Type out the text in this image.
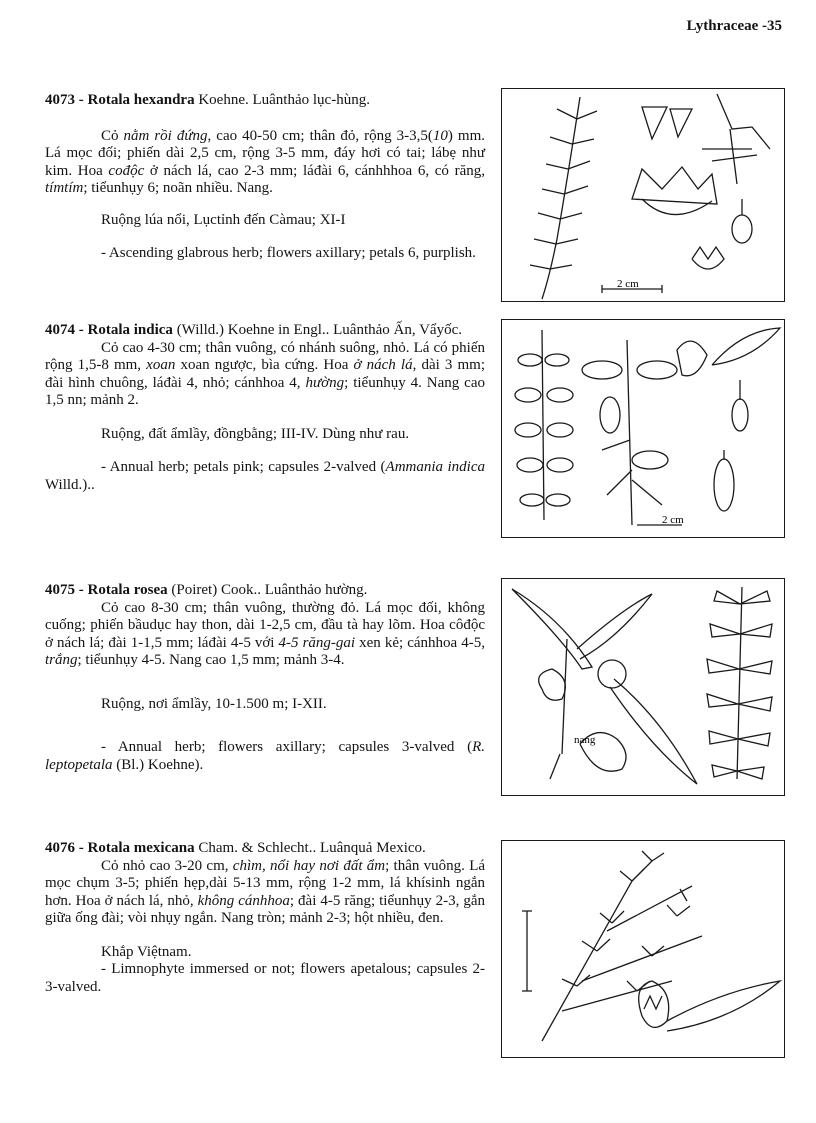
Lythraceae -35

4073 - Rotala hexandra Koehne. Luânthảo lục-hùng.

Cỏ nằm rồi đứng, cao 40-50 cm; thân đỏ, rộng 3-3,5(10) mm. Lá mọc đối; phiến dài 2,5 cm, rộng 3-5 mm, đáy hơi có tai; lábẹ như kim. Hoa cođộc ở nách lá, cao 2-3 mm; láđài 6, cánhhhoa 6, có răng, tímtím; tiểunhụy 6; noãn nhiều. Nang.

Ruộng lúa nổi, Lụctỉnh đến Càmau; XI-I

- Ascending glabrous herb; flowers axillary; petals 6, purplish.

2 cm

4074 - Rotala indica (Willd.) Koehne in Engl.. Luânthảo Ấn, Vẩyốc.

Cỏ cao 4-30 cm; thân vuông, có nhánh suông, nhỏ. Lá có phiến rộng 1,5-8 mm, xoan xoan ngược, bìa cứng. Hoa ở nách lá, dài 3 mm; đài hình chuông, láđài 4, nhỏ; cánhhoa 4, hường; tiểunhụy 4. Nang cao 1,5 nn; mảnh 2.

Ruộng, đất ẩmlầy, đồngbằng; III-IV. Dùng như rau.

- Annual herb; petals pink; capsules 2-valved (Ammania indica Willd.)..

2 cm

4075 - Rotala rosea (Poiret) Cook.. Luânthảo hường.

Cỏ cao 8-30 cm; thân vuông, thường đỏ. Lá mọc đối, không cuống; phiến bầudục hay thon, dài 1-2,5 cm, đầu tà hay lõm. Hoa côđộc ở nách lá; đài 1-1,5 mm; láđài 4-5 với 4-5 răng-gai xen kẻ; cánhhoa 4-5, trắng; tiểunhụy 4-5. Nang cao 1,5 mm; mảnh 3-4.

Ruộng, nơi ẩmlầy, 10-1.500 m; I-XII.

- Annual herb; flowers axillary; capsules 3-valved (R. leptopetala (Bl.) Koehne).

nang

4076 - Rotala mexicana Cham. & Schlecht.. Luânquả Mexico.

Cỏ nhỏ cao 3-20 cm, chìm, nổi hay nơi đất ẩm; thân vuông. Lá mọc chụm 3-5; phiến hẹp,dài 5-13 mm, rộng 1-2 mm, lá khísinh ngắn hơn. Hoa ở nách lá, nhỏ, không cánhhoa; đài 4-5 răng; tiểunhụy 2-3, gắn giữa ống đài; vòi nhụy ngắn. Nang tròn; mảnh 2-3; hột nhiều, đen.

Khắp Việtnam.

- Limnophyte immersed or not; flowers apetalous; capsules 2-3-valved.
